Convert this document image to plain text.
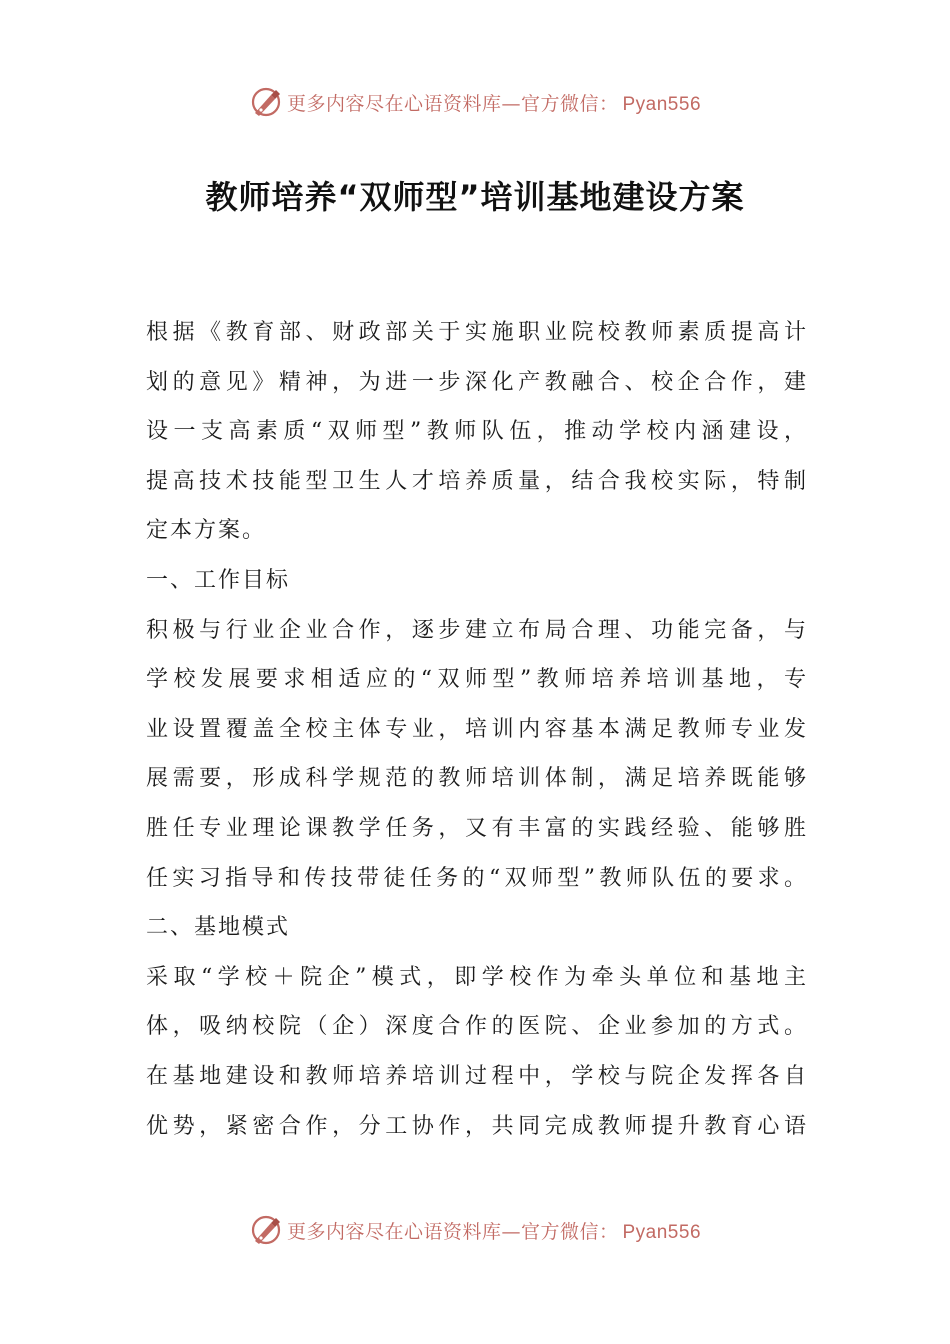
更多内容尽在心语资料库—官方微信： Pyan556
教师培养“双师型”培训基地建设方案
根据《教育部、财政部关于实施职业院校教师素质提高计
划的意见》精神，为进一步深化产教融合、校企合作，建
设一支高素质“双师型”教师队伍，推动学校内涵建设，
提高技术技能型卫生人才培养质量，结合我校实际，特制
定本方案。
一、工作目标
积极与行业企业合作，逐步建立布局合理、功能完备，与
学校发展要求相适应的“双师型”教师培养培训基地，专
业设置覆盖全校主体专业，培训内容基本满足教师专业发
展需要，形成科学规范的教师培训体制，满足培养既能够
胜任专业理论课教学任务，又有丰富的实践经验、能够胜
任实习指导和传技带徒任务的“双师型”教师队伍的要求。
二、基地模式
采取“学校＋院企”模式，即学校作为牵头单位和基地主
体，吸纳校院（企）深度合作的医院、企业参加的方式。
在基地建设和教师培养培训过程中，学校与院企发挥各自
优势，紧密合作，分工协作，共同完成教师提升教育心语
更多内容尽在心语资料库—官方微信： Pyan556
